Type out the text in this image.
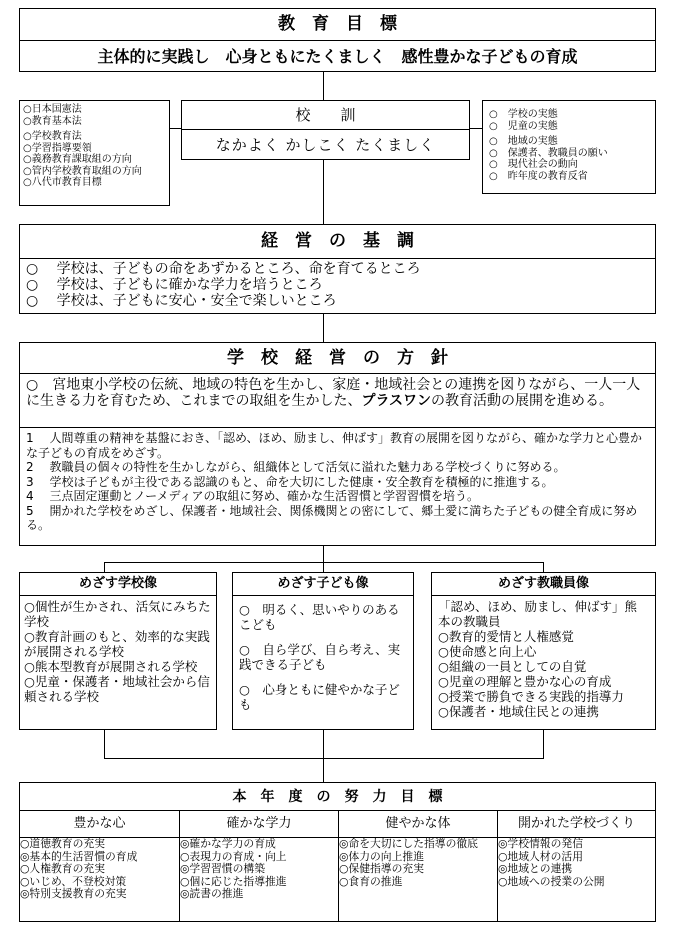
教　育　目　標
主体的に実践し　心身ともにたくましく　感性豊かな子どもの育成
○日本国憲法
○教育基本法

○学校教育法
○学習指導要領
○義務教育課取組の方向
○管内学校教育取組の方向
○八代市教育目標
校　　訓
なかよく かしこく たくましく
○　学校の実態
○　児童の実態

○　地域の実態
○　保護者、教職員の願い
○　現代社会の動向
○　昨年度の教育反省
経　営　の　基　調
○　 学校は、子どもの命をあずかるところ、命を育てるところ
○　 学校は、子どもに確かな学力を培うところ
○　 学校は、子どもに安心・安全で楽しいところ
学　校　経　営　の　方　針
○　宮地東小学校の伝統、地域の特色を生かし、家庭・地域社会との連携を図りながら、一人一人に生きる力を育むため、これまでの取組を生かした、プラスワンの教育活動の展開を進める。
1　 人間尊重の精神を基盤におき、「認め、ほめ、励まし、伸ばす」教育の展開を図りながら、確かな学力と心豊かな子どもの育成をめざす。
2　 教職員の個々の特性を生かしながら、組織体として活気に溢れた魅力ある学校づくりに努める。
3　 学校は子どもが主役である認識のもと、命を大切にした健康・安全教育を積極的に推進する。
4　 三点固定運動とノーメディアの取組に努め、確かな生活習慣と学習習慣を培う。
5　 開かれた学校をめざし、保護者・地域社会、関係機関との密にして、郷土愛に満ちた子どもの健全育成に努める。
めざす学校像
○個性が生かされ、活気にみちた学校
○教育計画のもと、効率的な実践が展開される学校
○熊本型教育が展開される学校
○児童・保護者・地域社会から信頼される学校
めざす子ども像
○　明るく、思いやりのあるこども
○　自ら学び、自ら考え、実践できる子ども
○　心身ともに健やかな子ども
めざす教職員像
「認め、ほめ、励まし、伸ばす」熊本の教職員
○教育的愛情と人権感覚
○使命感と向上心
○組織の一員としての自覚
○児童の理解と豊かな心の育成
○授業で勝負できる実践的指導力
○保護者・地域住民との連携
本　年　度　の　努　力　目　標
豊かな心
○道徳教育の充実
◎基本的生活習慣の育成
○人権教育の充実
○いじめ、不登校対策
◎特別支援教育の充実
確かな学力
◎確かな学力の育成
○表現力の育成・向上
◎学習習慣の構築
○個に応じた指導推進
◎読書の推進
健やかな体
◎命を大切にした指導の徹底
◎体力の向上推進
○保健指導の充実
○食育の推進
開かれた学校づくり
◎学校情報の発信
○地域人材の活用
◎地域との連携
○地域への授業の公開
